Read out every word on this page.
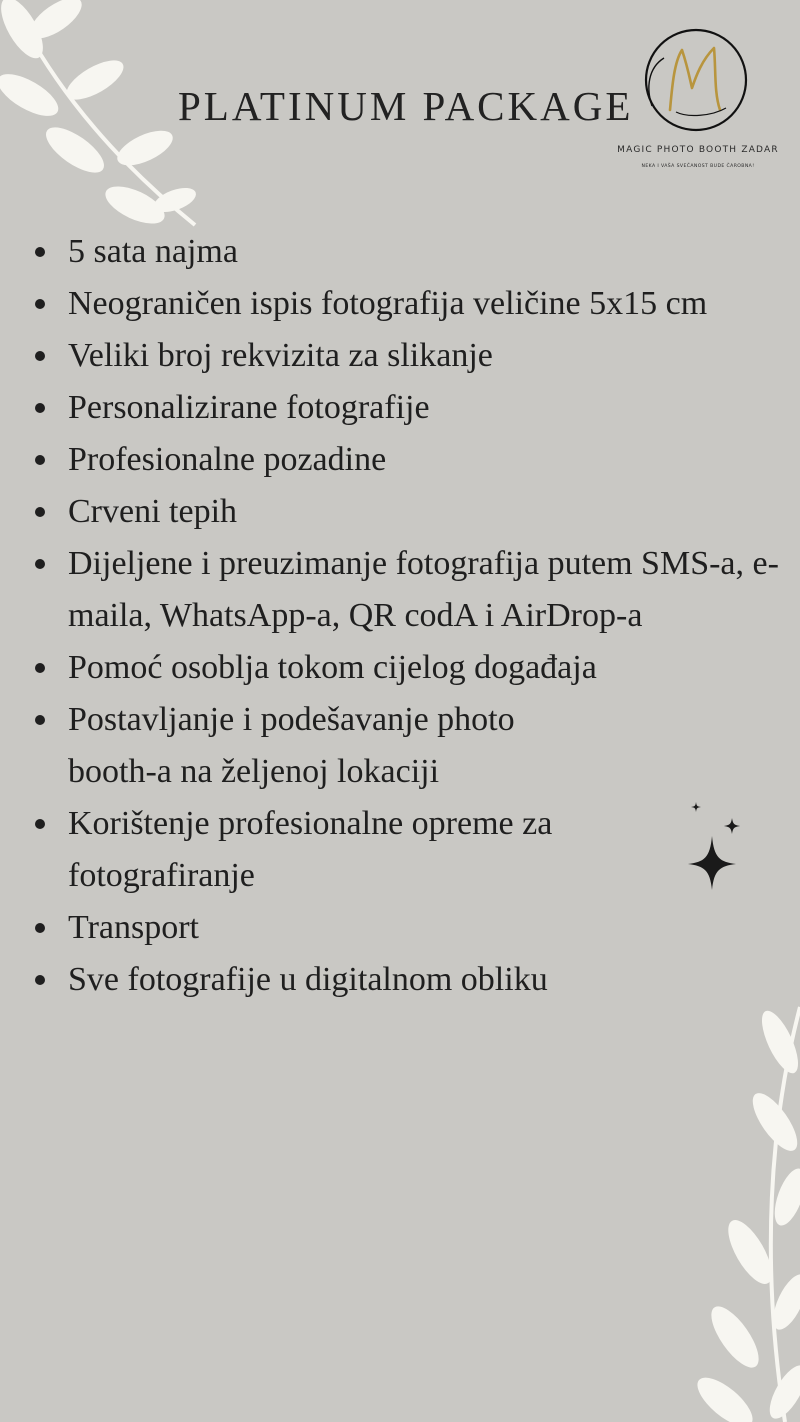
PLATINUM PACKAGE
MAGIC PHOTO BOOTH ZADAR
NEKA I VAŠA SVEČANOST BUDE ČAROBNA!
5 sata najma
Neograničen ispis fotografija veličine 5x15 cm
Veliki broj rekvizita za slikanje
Personalizirane fotografije
Profesionalne pozadine
Crveni tepih
Dijeljene i preuzimanje fotografija putem SMS-a, e-maila, WhatsApp-a, QR codA i AirDrop-a
Pomoć osoblja tokom cijelog događaja
Postavljanje i podešavanje photo booth-a na željenoj lokaciji
Korištenje profesionalne opreme za fotografiranje
Transport
Sve fotografije u digitalnom obliku
